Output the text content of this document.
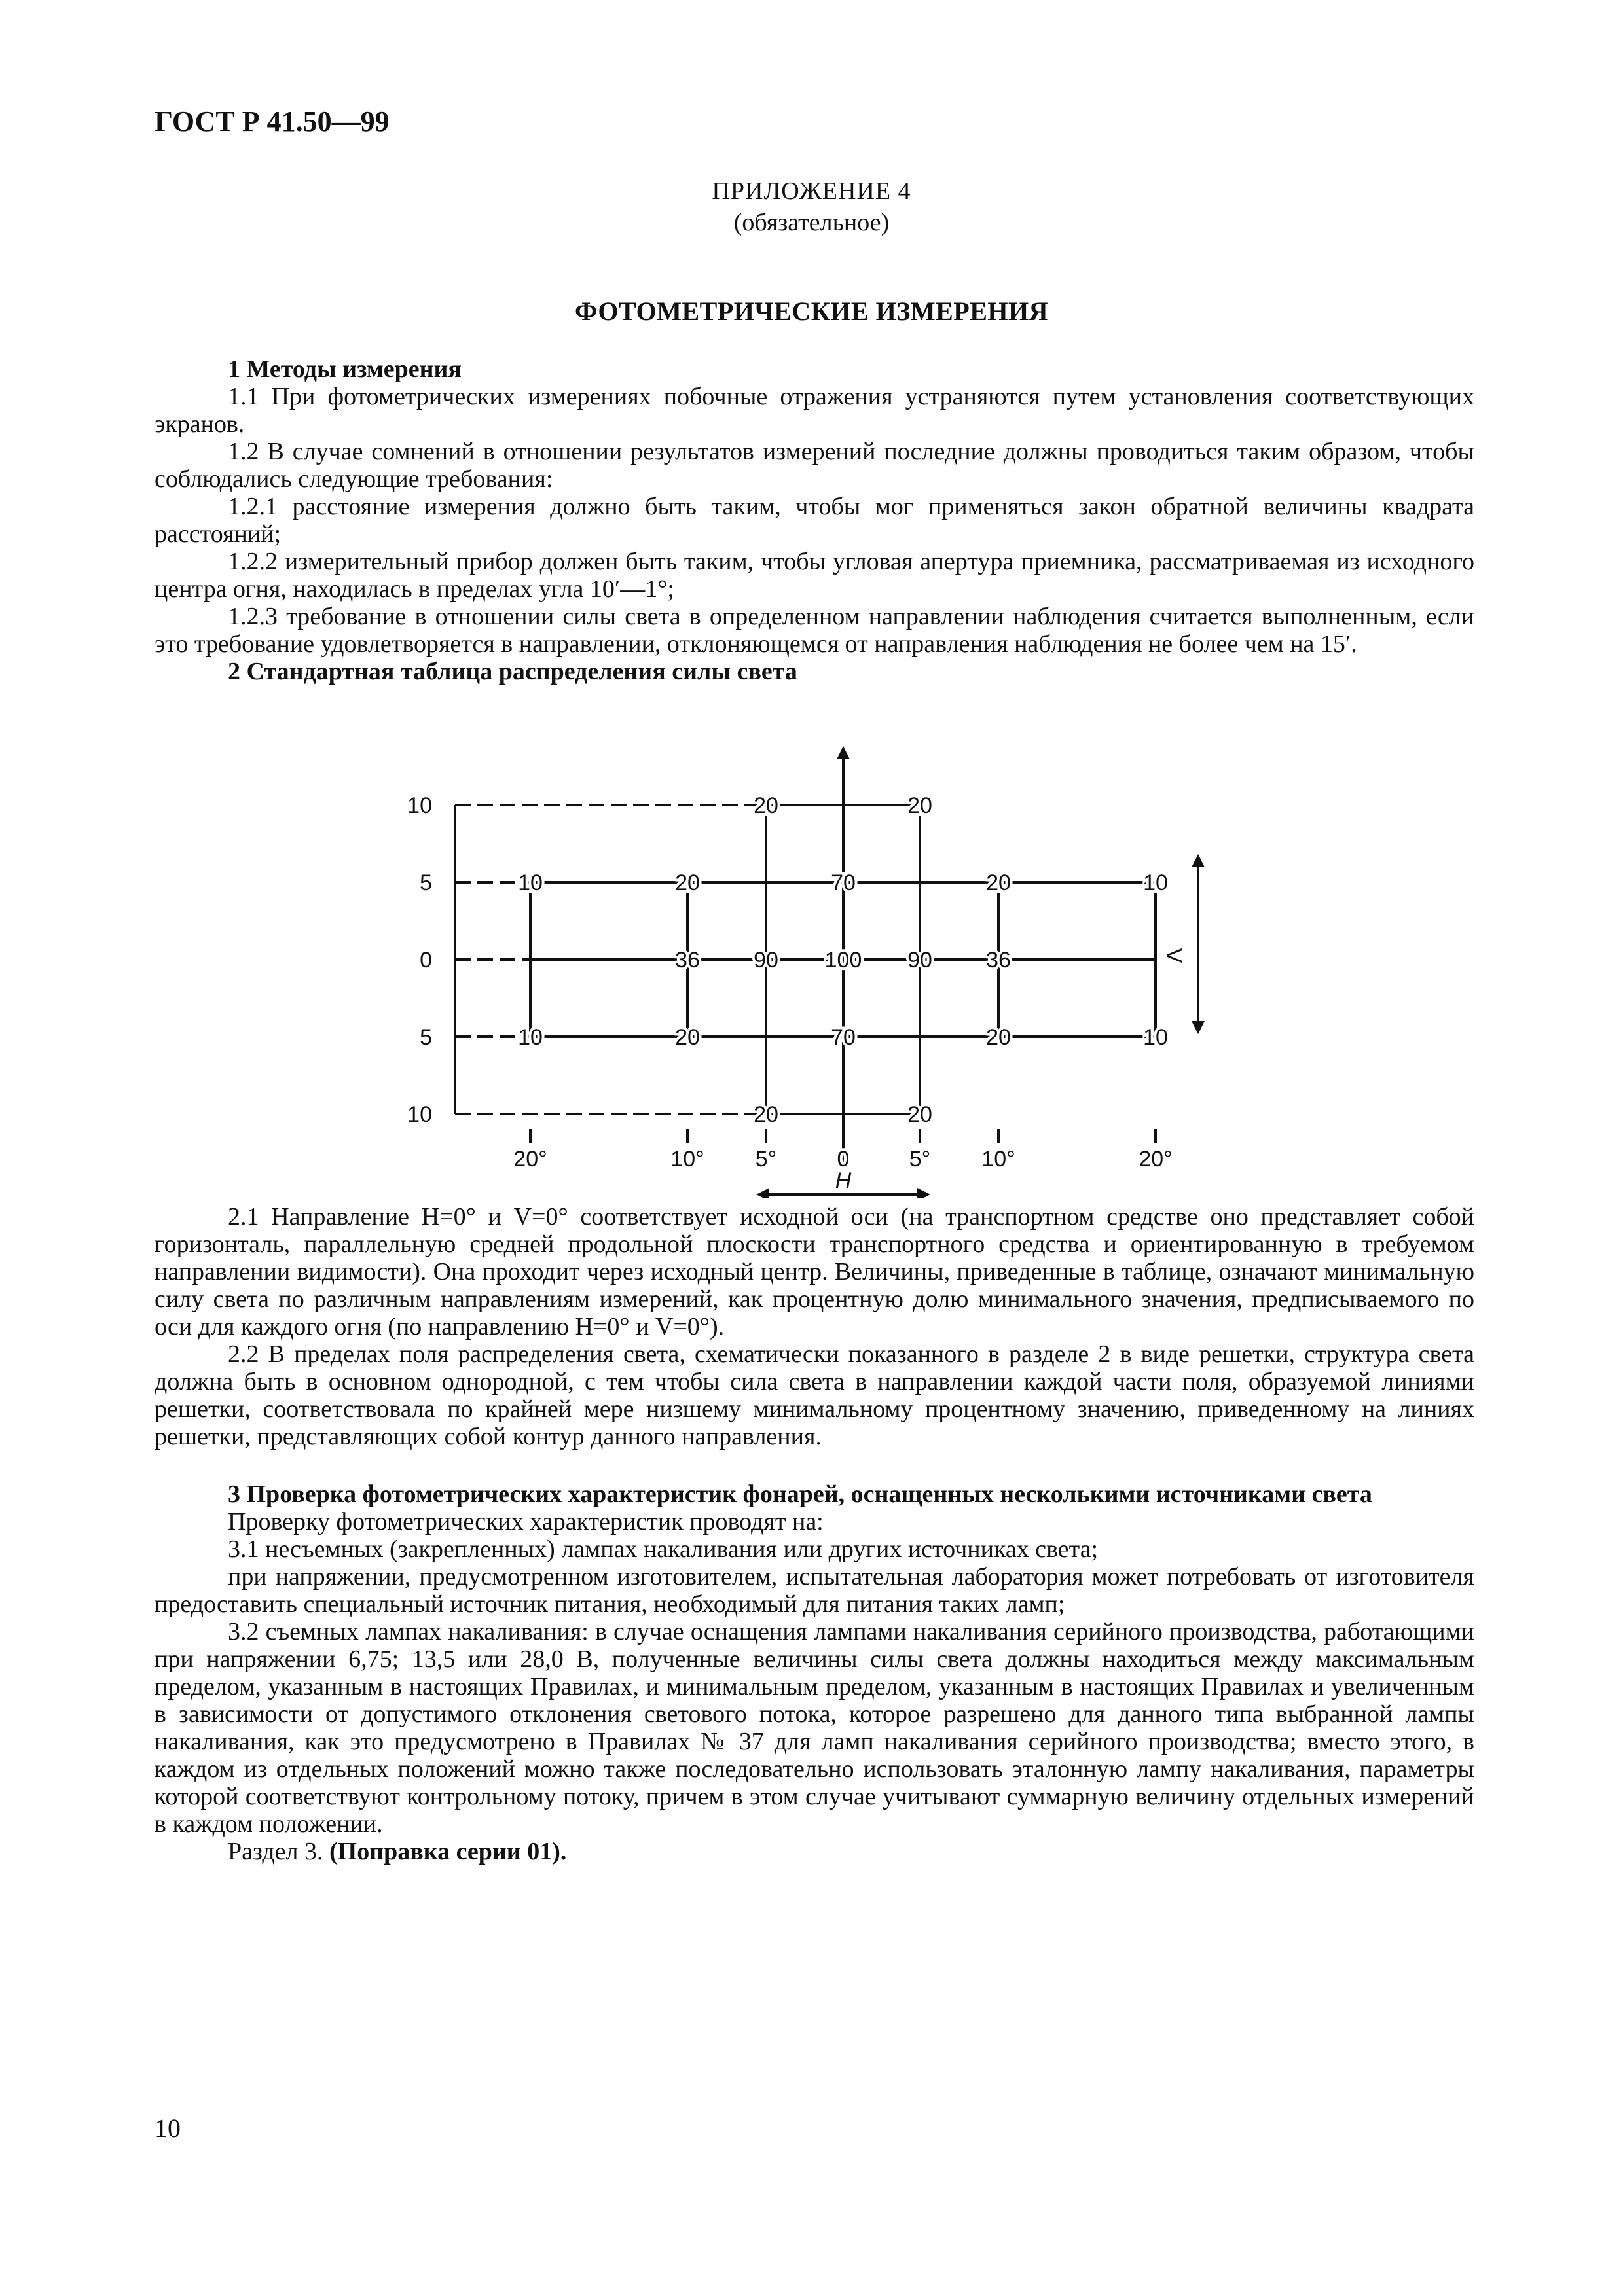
ГОСТ Р 41.50—99
ПРИЛОЖЕНИЕ 4
(обязательное)
ФОТОМЕТРИЧЕСКИЕ ИЗМЕРЕНИЯ

1 Методы измерения

1.1 При фотометрических измерениях побочные отражения устраняются путем установления соответствующих экранов.

1.2 В случае сомнений в отношении результатов измерений последние должны проводиться таким образом, чтобы соблюдались следующие требования:

1.2.1 расстояние измерения должно быть таким, чтобы мог применяться закон обратной величины квадрата расстояний;

1.2.2 измерительный прибор должен быть таким, чтобы угловая апертура приемника, рассматриваемая из исходного центра огня, находилась в пределах угла 10′—1°;

1.2.3 требование в отношении силы света в определенном направлении наблюдения считается выполненным, если это требование удовлетворяется в направлении, отклоняющемся от направления наблюдения не более чем на 15′.

2 Стандартная таблица распределения силы света

10
5
0
5
10
20	20
10	20	70	20	10
36 90 100 90 36
10	20	70	20	10
20	20
20°	10° 5°	0	5° 10°	20°
H
V

2.1 Направление H=0° и V=0° соответствует исходной оси (на транспортном средстве оно представляет собой горизонталь, параллельную средней продольной плоскости транспортного средства и ориентированную в требуемом направлении видимости). Она проходит через исходный центр. Величины, приведенные в таблице, означают минимальную силу света по различным направлениям измерений, как процентную долю минимального значения, предписываемого по оси для каждого огня (по направлению H=0° и V=0°).

2.2 В пределах поля распределения света, схематически показанного в разделе 2 в виде решетки, структура света должна быть в основном однородной, с тем чтобы сила света в направлении каждой части поля, образуемой линиями решетки, соответствовала по крайней мере низшему минимальному процентному значению, приведенному на линиях решетки, представляющих собой контур данного направления.

3 Проверка фотометрических характеристик фонарей, оснащенных несколькими источниками света

Проверку фотометрических характеристик проводят на:

3.1 несъемных (закрепленных) лампах накаливания или других источниках света;

при напряжении, предусмотренном изготовителем, испытательная лаборатория может потребовать от изготовителя предоставить специальный источник питания, необходимый для питания таких ламп;

3.2 съемных лампах накаливания: в случае оснащения лампами накаливания серийного производства, работающими при напряжении 6,75; 13,5 или 28,0 В, полученные величины силы света должны находиться между максимальным пределом, указанным в настоящих Правилах, и минимальным пределом, указанным в настоящих Правилах и увеличенным в зависимости от допустимого отклонения светового потока, которое разрешено для данного типа выбранной лампы накаливания, как это предусмотрено в Правилах № 37 для ламп накаливания серийного производства; вместо этого, в каждом из отдельных положений можно также последовательно использовать эталонную лампу накаливания, параметры которой соответствуют контрольному потоку, причем в этом случае учитывают суммарную величину отдельных измерений в каждом положении.

Раздел 3. (Поправка серии 01).

10
